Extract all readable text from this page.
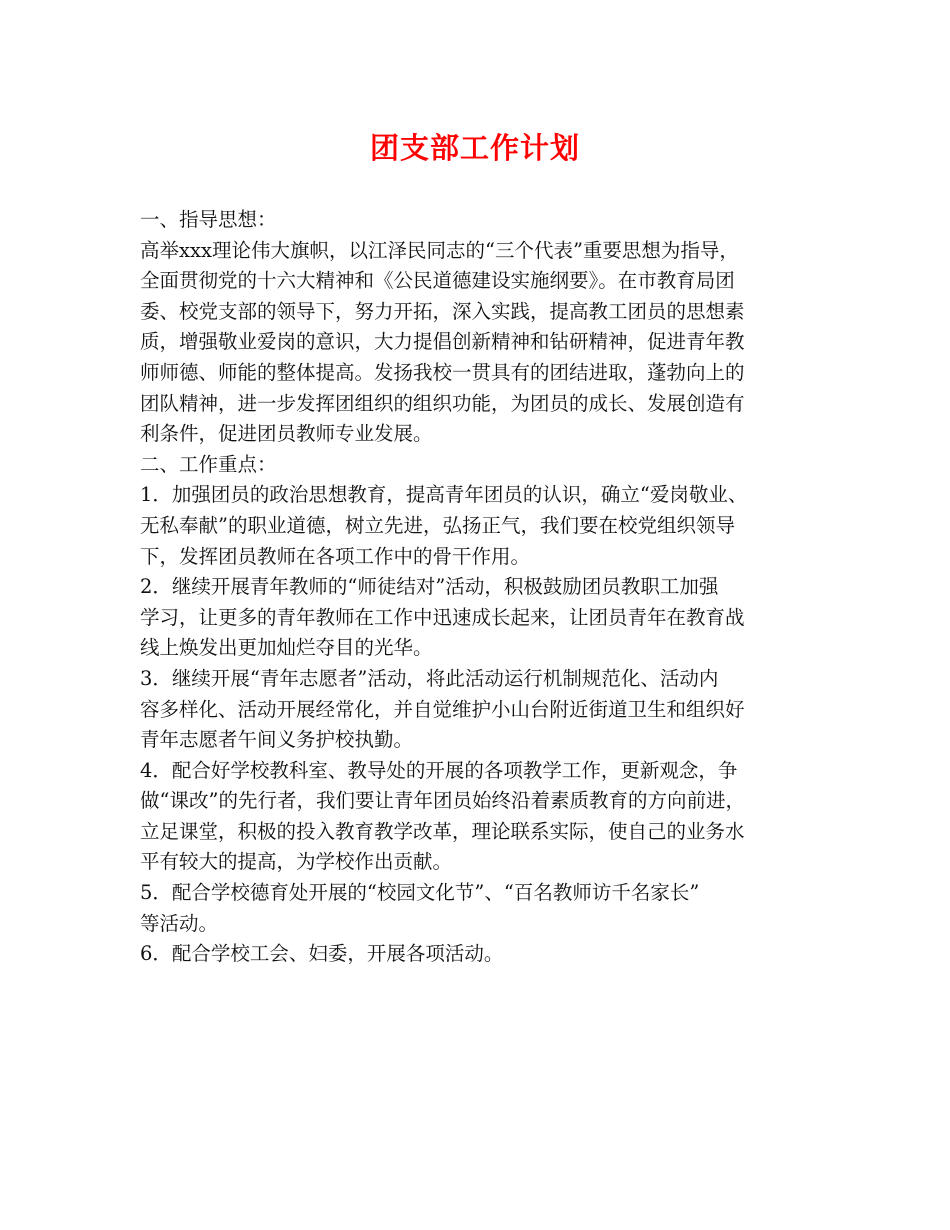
团支部工作计划

一、指导思想：

高举xxx理论伟大旗帜，以江泽民同志的“三个代表”重要思想为指导，

全面贯彻党的十六大精神和《公民道德建设实施纲要》。在市教育局团

委、校党支部的领导下，努力开拓，深入实践，提高教工团员的思想素

质，增强敬业爱岗的意识，大力提倡创新精神和钻研精神，促进青年教

师师德、师能的整体提高。发扬我校一贯具有的团结进取，蓬勃向上的

团队精神，进一步发挥团组织的组织功能，为团员的成长、发展创造有

利条件，促进团员教师专业发展。

二、工作重点：

1．加强团员的政治思想教育，提高青年团员的认识，确立“爱岗敬业、

无私奉献”的职业道德，树立先进，弘扬正气，我们要在校党组织领导

下，发挥团员教师在各项工作中的骨干作用。

2．继续开展青年教师的“师徒结对”活动，积极鼓励团员教职工加强

学习，让更多的青年教师在工作中迅速成长起来，让团员青年在教育战

线上焕发出更加灿烂夺目的光华。

3．继续开展“青年志愿者”活动，将此活动运行机制规范化、活动内

容多样化、活动开展经常化，并自觉维护小山台附近街道卫生和组织好

青年志愿者午间义务护校执勤。

4．配合好学校教科室、教导处的开展的各项教学工作，更新观念，争

做“课改”的先行者，我们要让青年团员始终沿着素质教育的方向前进，

立足课堂，积极的投入教育教学改革，理论联系实际，使自己的业务水

平有较大的提高，为学校作出贡献。

5．配合学校德育处开展的“校园文化节”、“百名教师访千名家长”

等活动。

6．配合学校工会、妇委，开展各项活动。
